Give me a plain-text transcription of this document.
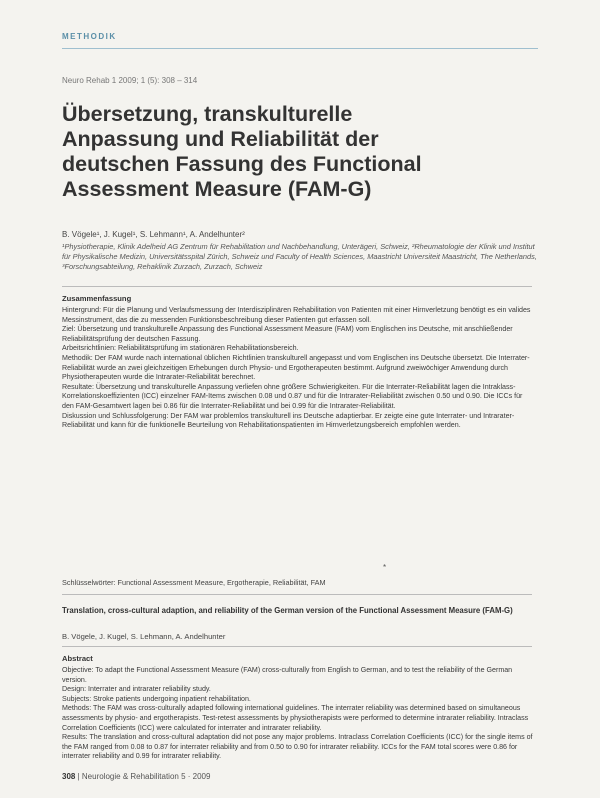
METHODIK
Neuro Rehab 1 2009; 1 (5): 308 – 314
Übersetzung, transkulturelle Anpassung und Reliabilität der deutschen Fassung des Functional Assessment Measure (FAM-G)
B. Vögele¹, J. Kugel¹, S. Lehmann¹, A. Andelhunter²
¹Physiotherapie, Klinik Adelheid AG Zentrum für Rehabilitation und Nachbehandlung, Unterägeri, Schweiz, ²Rheumatologie der Klinik und Institut für Physikalische Medizin, Universitätsspital Zürich, Schweiz und Faculty of Health Sciences, Maastricht Universiteit Maastricht, The Netherlands, ³Forschungsabteilung, Rehaklinik Zurzach, Zurzach, Schweiz
Zusammenfassung

Hintergrund: Für die Planung und Verlaufsmessung der Interdisziplinären Rehabilitation von Patienten mit einer Hirnverletzung benötigt es ein valides Messinstrument, das die zu messenden Funktionsbeschreibung dieser Patienten gut erfassen soll.

Ziel: Übersetzung und transkulturelle Anpassung des Functional Assessment Measure (FAM) vom Englischen ins Deutsche, mit anschließender Reliabilitätsprüfung der deutschen Fassung.

Arbeitsrichtlinien: Reliabilitätsprüfung im stationären Rehabilitationsbereich.

Methodik: Der FAM wurde nach international üblichen Richtlinien transkulturell angepasst und vom Englischen ins Deutsche übersetzt. Die Interrater-Reliabilität wurde an zwei gleichzeitigen Erhebungen durch Physio- und Ergotherapeuten bestimmt. Aufgrund zweiwöchiger Anwendung durch Physiotherapeuten wurde die Intrarater-Reliabilität berechnet.

Resultate: Übersetzung und transkulturelle Anpassung verliefen ohne größere Schwierigkeiten. Für die Interrater-Reliabilität lagen die Intraklass-Korrelationskoeffizienten (ICC) einzelner FAM-Items zwischen 0.08 und 0.87 und für die Intrarater-Reliabilität zwischen 0.50 und 0.90. Die ICCs für den FAM-Gesamtwert lagen bei 0.86 für die Interrater-Reliabilität und bei 0.99 für die Intrarater-Reliabilität.

Diskussion und Schlussfolgerung: Der FAM war problemlos transkulturell ins Deutsche adaptierbar. Er zeigte eine gute Interrater- und Intrarater-Reliabilität und kann für die funktionelle Beurteilung von Rehabilitationspatienten im Hirnverletzungsbereich empfohlen werden.

*
Schlüsselwörter: Functional Assessment Measure, Ergotherapie, Reliabilität, FAM
Translation, cross-cultural adaption, and reliability of the German version of the Functional Assessment Measure (FAM-G)
B. Vögele, J. Kugel, S. Lehmann, A. Andelhunter
Abstract

Objective: To adapt the Functional Assessment Measure (FAM) cross-culturally from English to German, and to test the reliability of the German version.

Design: Interrater and intrarater reliability study.

Subjects: Stroke patients undergoing inpatient rehabilitation.

Methods: The FAM was cross-culturally adapted following international guidelines. The interrater reliability was determined based on simultaneous assessments by physio- and ergotherapists. Test-retest assessments by physiotherapists were performed to determine intrarater reliability. Intraclass Correlation Coefficients (ICC) were calculated for interrater and intrarater reliability.

Results: The translation and cross-cultural adaptation did not pose any major problems. Intraclass Correlation Coefficients (ICC) for the single items of the FAM ranged from 0.08 to 0.87 for interrater reliability and from 0.50 to 0.90 for intrarater reliability. ICCs for the FAM total scores were 0.86 for interrater reliability and 0.99 for intrarater reliability.

308 | Neurologie & Rehabilitation 5 · 2009
